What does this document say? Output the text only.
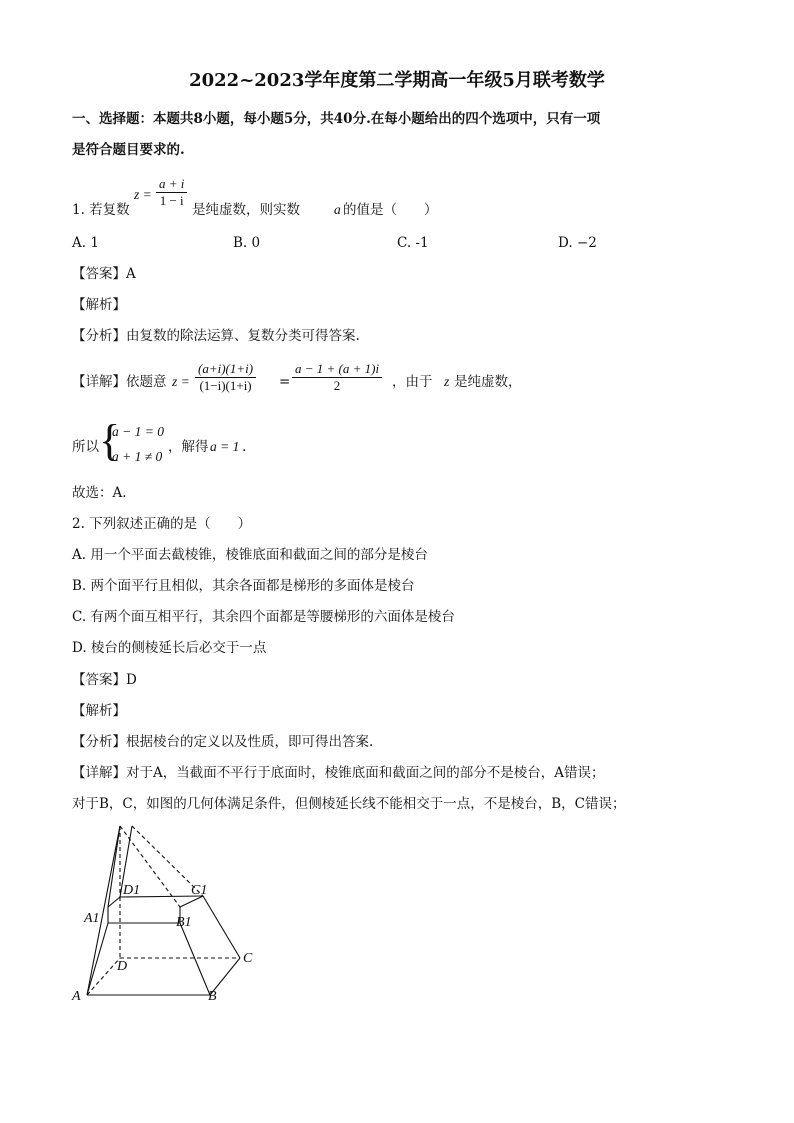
2022~2023学年度第二学期高一年级5月联考数学
一、选择题：本题共8小题，每小题5分，共40分.在每小题给出的四个选项中，只有一项
是符合题目要求的.
1. 若复数
$z = \frac{a + i}{1 - i}$
是纯虚数，则实数	a 的值是（　　）
A. 1	B. 0	C. -1	D. −2
【答案】A
【解析】
【分析】由复数的除法运算、复数分类可得答案.
【详解】依题意 $z = \frac{(a+i)(1+i)}{(1-i)(1+i)} = \frac{a - 1 + (a + 1)i}{2}$ ，由于 z 是纯虚数，
所以 {
a − 1 = 0
a + 1 ≠ 0
，解得 a = 1 .
故选：A.
2. 下列叙述正确的是（　　）
A. 用一个平面去截棱锥，棱锥底面和截面之间的部分是棱台
B. 两个面平行且相似，其余各面都是梯形的多面体是棱台
C. 有两个面互相平行，其余四个面都是等腰梯形的六面体是棱台
D. 棱台的侧棱延长后必交于一点
【答案】D
【解析】
【分析】根据棱台的定义以及性质，即可得出答案.
【详解】对于A，当截面不平行于底面时，棱锥底面和截面之间的部分不是棱台，A错误；
对于B，C，如图的几何体满足条件，但侧棱延长线不能相交于一点，不是棱台，B，C错误；
A	B
C
D
A1	B1
C1
D1
